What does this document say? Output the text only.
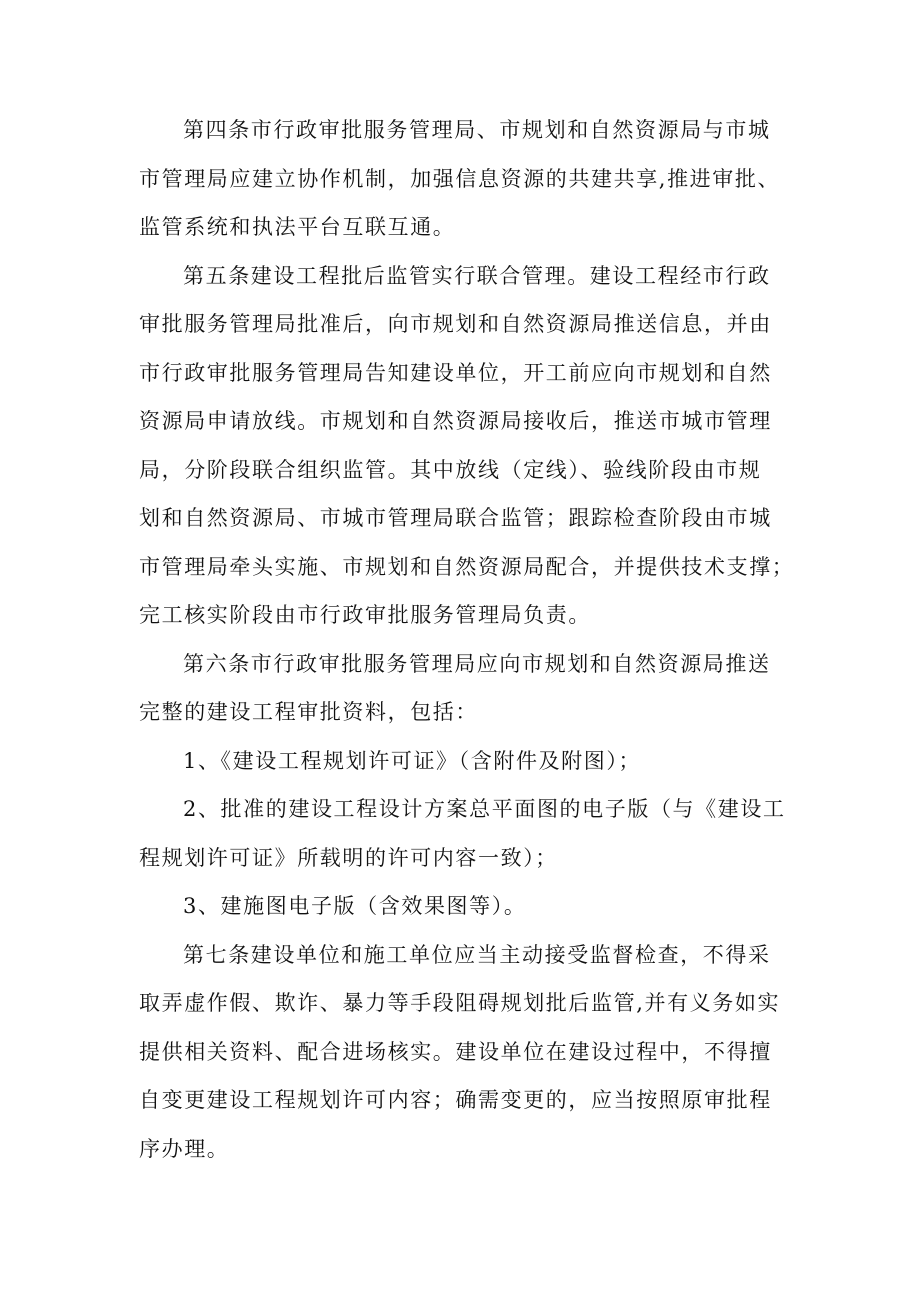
第四条市行政审批服务管理局、市规划和自然资源局与市城
市管理局应建立协作机制，加强信息资源的共建共享,推进审批、
监管系统和执法平台互联互通。
第五条建设工程批后监管实行联合管理。建设工程经市行政
审批服务管理局批准后，向市规划和自然资源局推送信息，并由
市行政审批服务管理局告知建设单位，开工前应向市规划和自然
资源局申请放线。市规划和自然资源局接收后，推送市城市管理
局，分阶段联合组织监管。其中放线（定线）、验线阶段由市规
划和自然资源局、市城市管理局联合监管；跟踪检查阶段由市城
市管理局牵头实施、市规划和自然资源局配合，并提供技术支撑；
完工核实阶段由市行政审批服务管理局负责。
第六条市行政审批服务管理局应向市规划和自然资源局推送
完整的建设工程审批资料，包括：
1、《建设工程规划许可证》（含附件及附图）；
2、批准的建设工程设计方案总平面图的电子版（与《建设工
程规划许可证》所载明的许可内容一致）；
3、建施图电子版（含效果图等）。
第七条建设单位和施工单位应当主动接受监督检查，不得采
取弄虚作假、欺诈、暴力等手段阻碍规划批后监管,并有义务如实
提供相关资料、配合进场核实。建设单位在建设过程中，不得擅
自变更建设工程规划许可内容；确需变更的，应当按照原审批程
序办理。
